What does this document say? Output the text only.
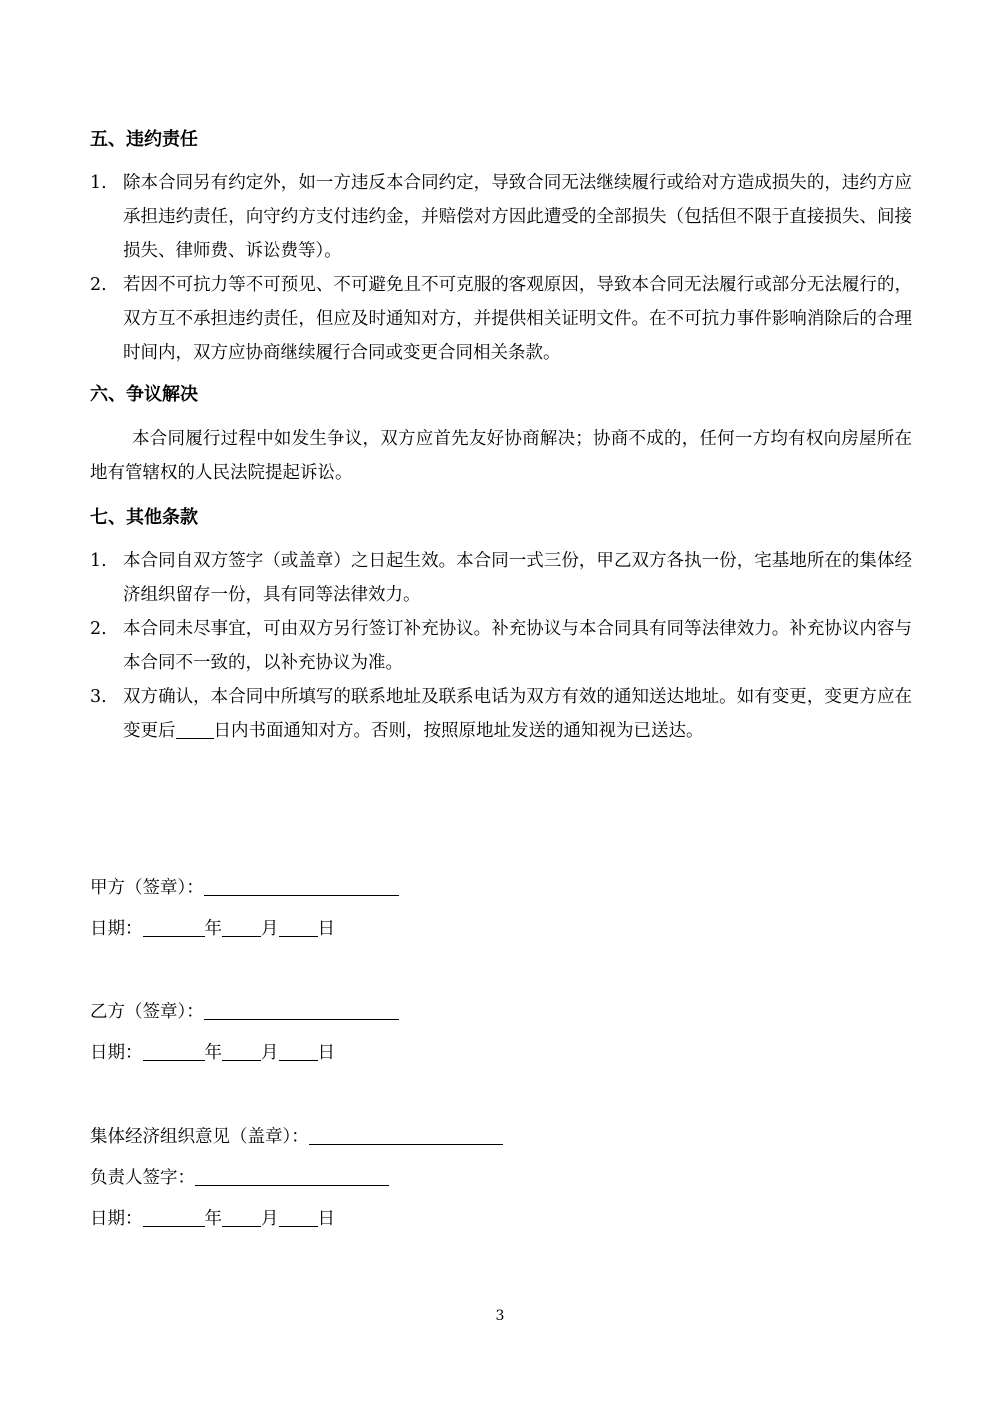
五、违约责任
1. 除本合同另有约定外，如一方违反本合同约定，导致合同无法继续履行或给对方造成损失的，违约方应承担违约责任，向守约方支付违约金，并赔偿对方因此遭受的全部损失（包括但不限于直接损失、间接损失、律师费、诉讼费等）。
2. 若因不可抗力等不可预见、不可避免且不可克服的客观原因，导致本合同无法履行或部分无法履行的，双方互不承担违约责任，但应及时通知对方，并提供相关证明文件。在不可抗力事件影响消除后的合理时间内，双方应协商继续履行合同或变更合同相关条款。
六、争议解决
本合同履行过程中如发生争议，双方应首先友好协商解决；协商不成的，任何一方均有权向房屋所在地有管辖权的人民法院提起诉讼。
七、其他条款
1. 本合同自双方签字（或盖章）之日起生效。本合同一式三份，甲乙双方各执一份，宅基地所在的集体经济组织留存一份，具有同等法律效力。
2. 本合同未尽事宜，可由双方另行签订补充协议。补充协议与本合同具有同等法律效力。补充协议内容与本合同不一致的，以补充协议为准。
3. 双方确认，本合同中所填写的联系地址及联系电话为双方有效的通知送达地址。如有变更，变更方应在变更后 日内书面通知对方。否则，按照原地址发送的通知视为已送达。
甲方（签章）：
日期：	年 月 日
乙方（签章）：
日期：	年 月 日
集体经济组织意见（盖章）：
负责人签字：
日期：	年 月 日
3
